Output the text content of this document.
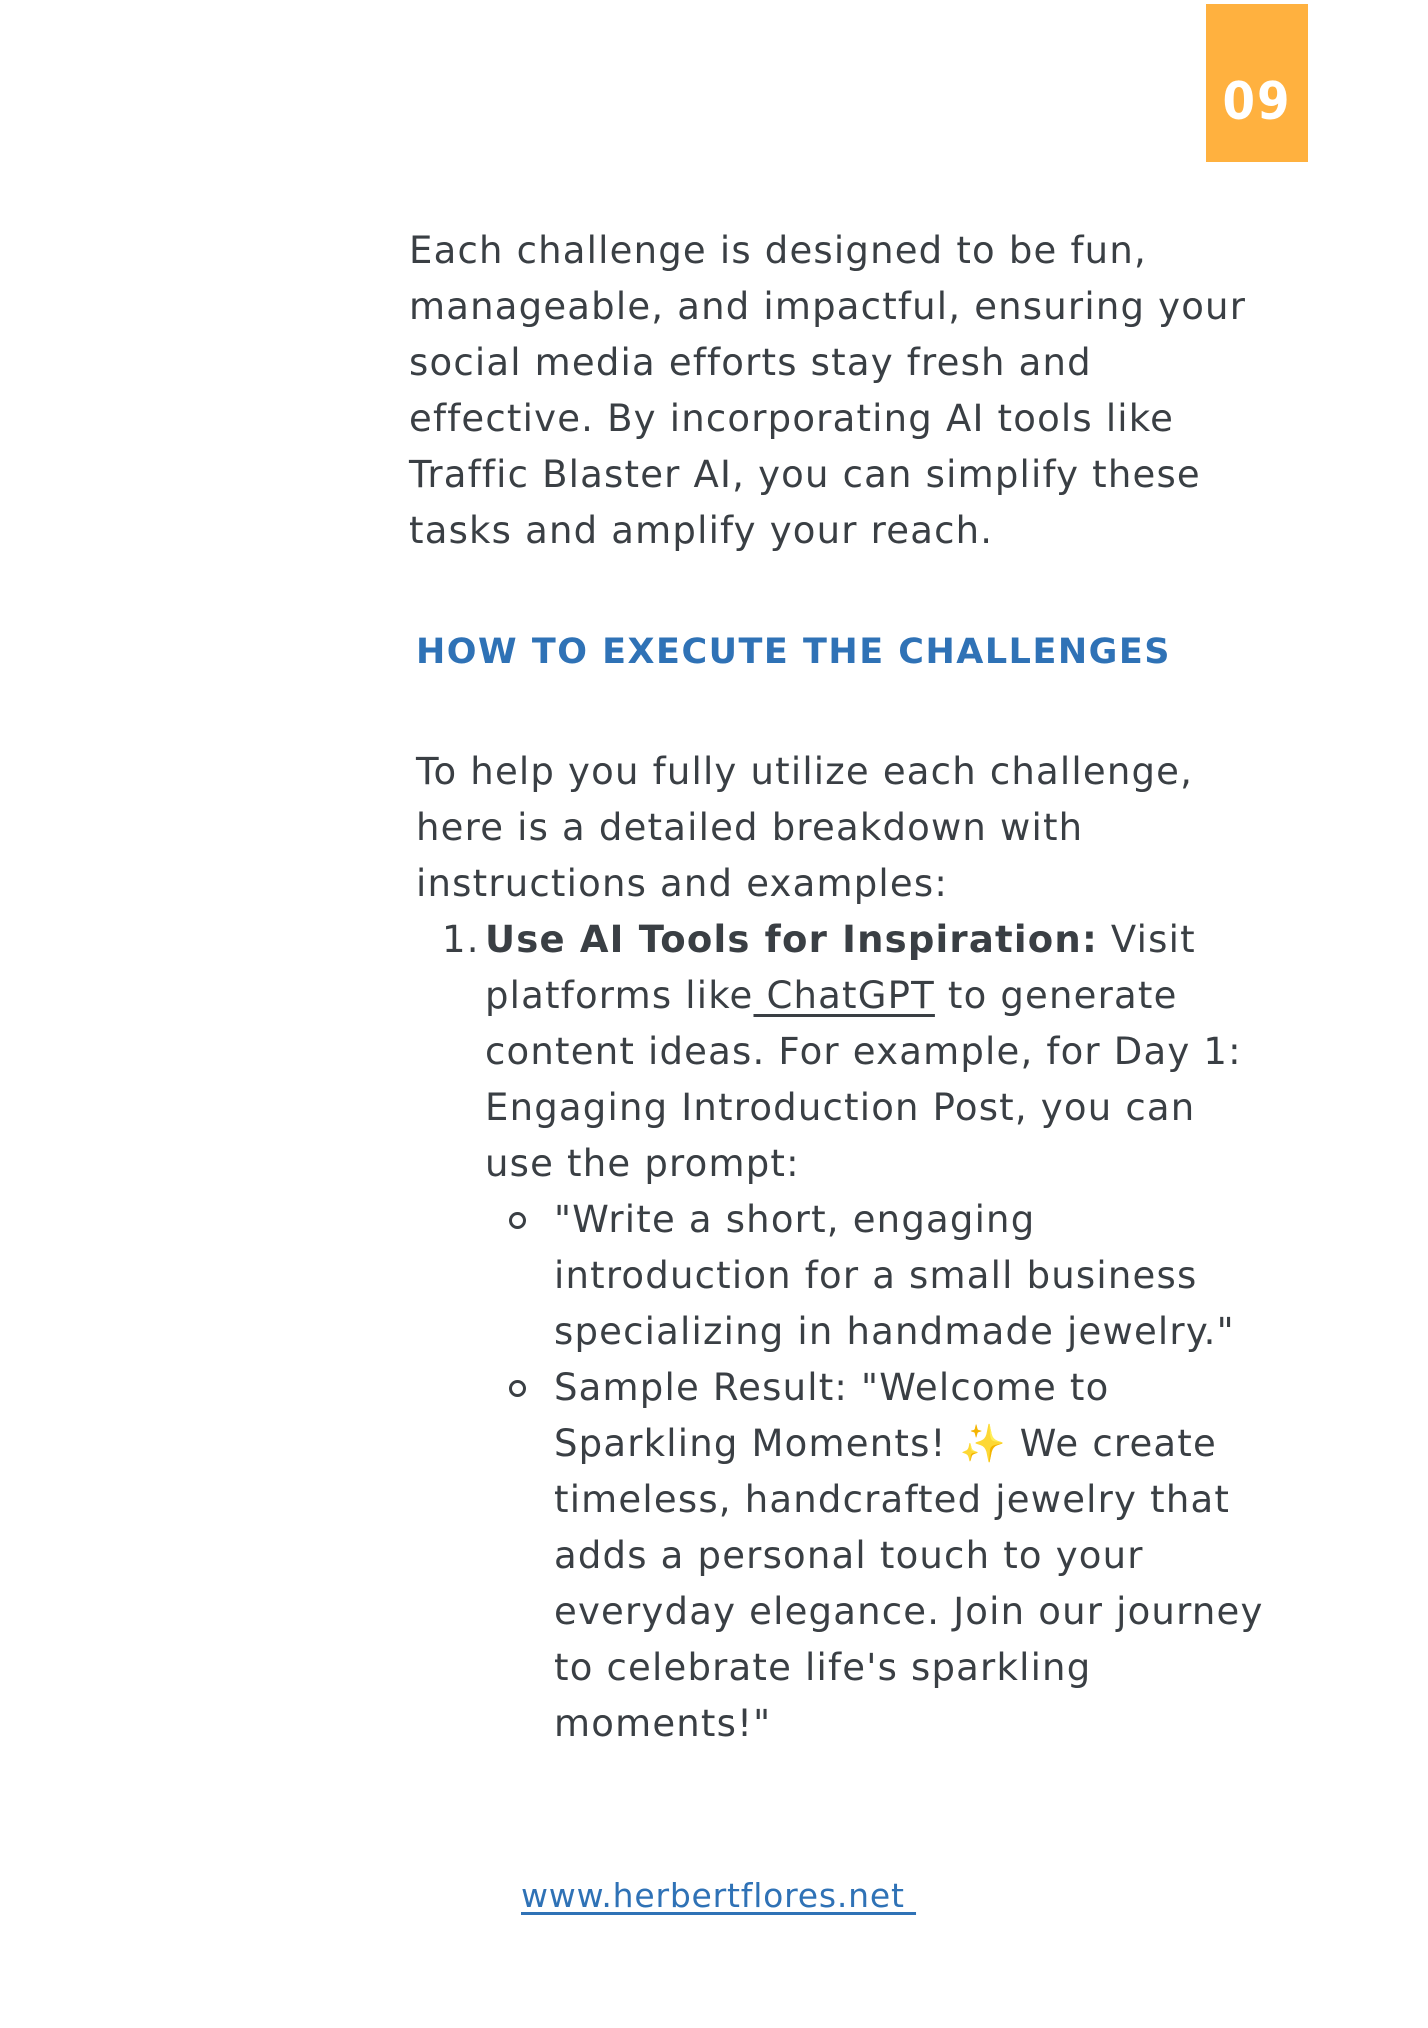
09

Each challenge is designed to be fun, manageable, and impactful, ensuring your social media efforts stay fresh and effective. By incorporating AI tools like Traffic Blaster AI, you can simplify these tasks and amplify your reach.

HOW TO EXECUTE THE CHALLENGES

To help you fully utilize each challenge, here is a detailed breakdown with instructions and examples:

1. Use AI Tools for Inspiration: Visit platforms like ChatGPT to generate content ideas. For example, for Day 1: Engaging Introduction Post, you can use the prompt:
"Write a short, engaging introduction for a small business specializing in handmade jewelry."
Sample Result: "Welcome to Sparkling Moments! ✨ We create timeless, handcrafted jewelry that adds a personal touch to your everyday elegance. Join our journey to celebrate life's sparkling moments!"
www.herbertflores.net
